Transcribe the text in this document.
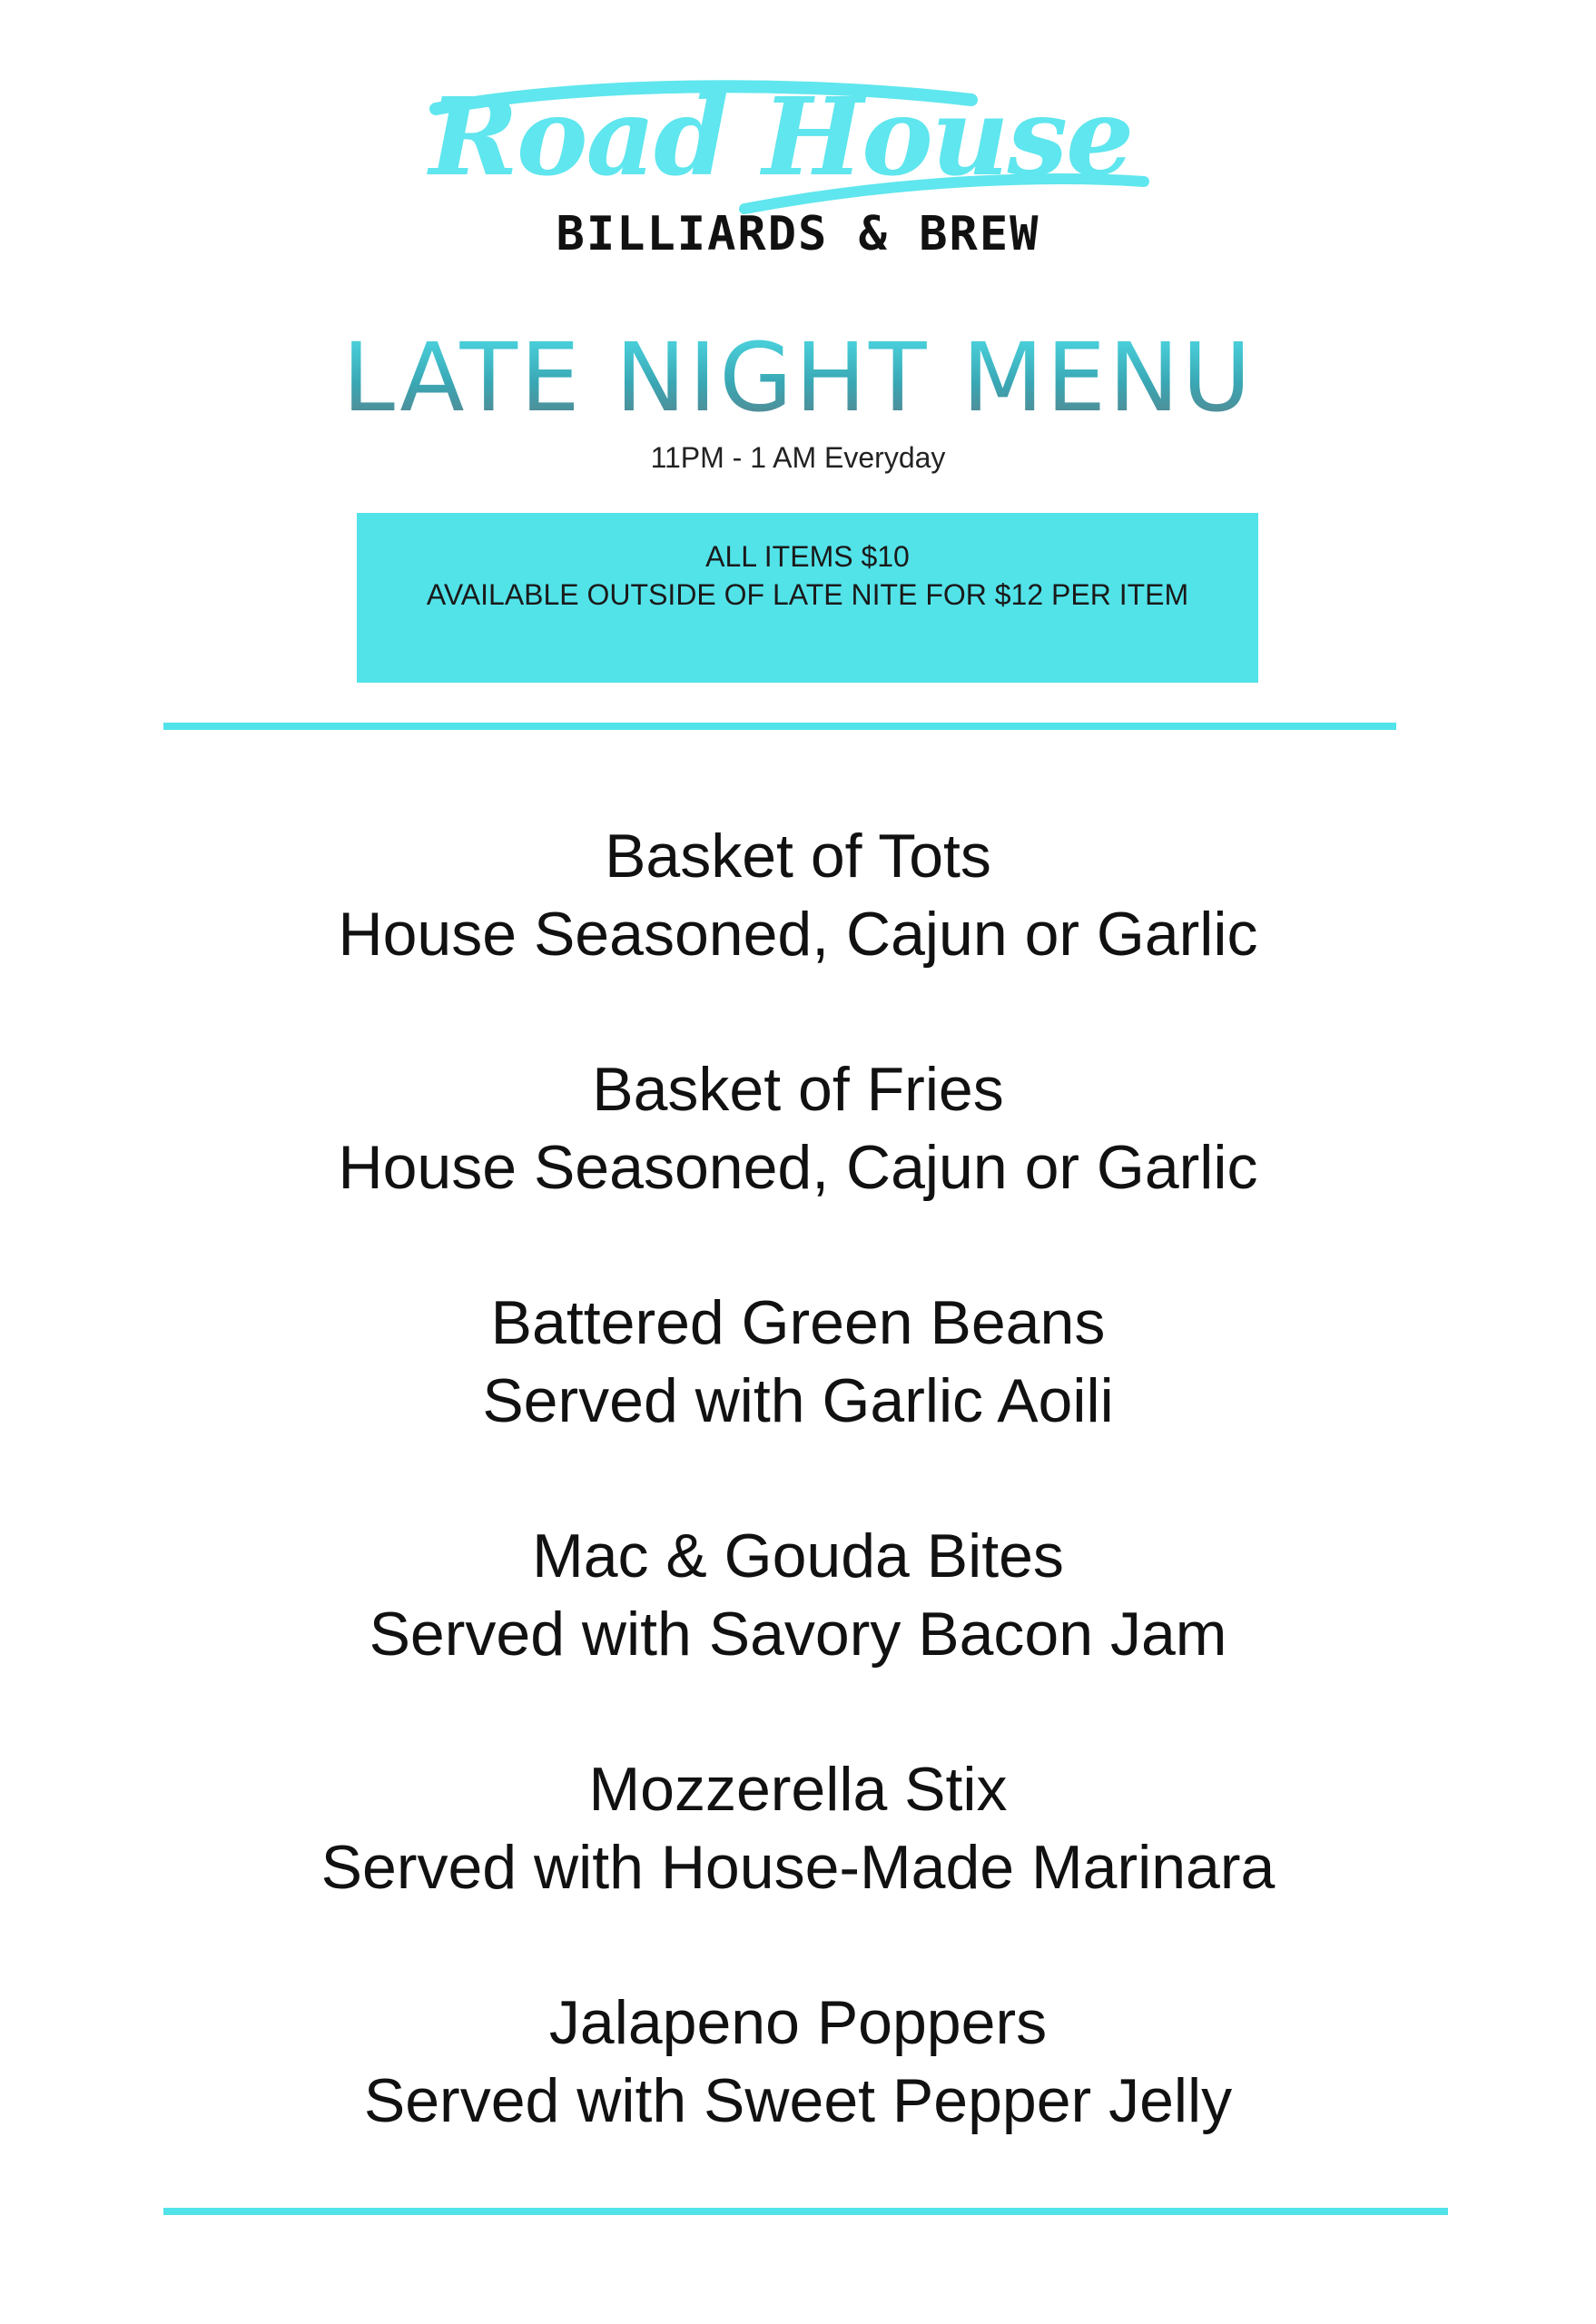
Road House
BILLIARDS & BREW
LATE NIGHT MENU
11PM - 1 AM Everyday
ALL ITEMS $10
AVAILABLE OUTSIDE OF LATE NITE FOR $12 PER ITEM
Basket of Tots
House Seasoned, Cajun or Garlic
Basket of Fries
House Seasoned, Cajun or Garlic
Battered Green Beans
Served with Garlic Aoili
Mac & Gouda Bites
Served with Savory Bacon Jam
Mozzerella Stix
Served with House-Made Marinara
Jalapeno Poppers
Served with Sweet Pepper Jelly
